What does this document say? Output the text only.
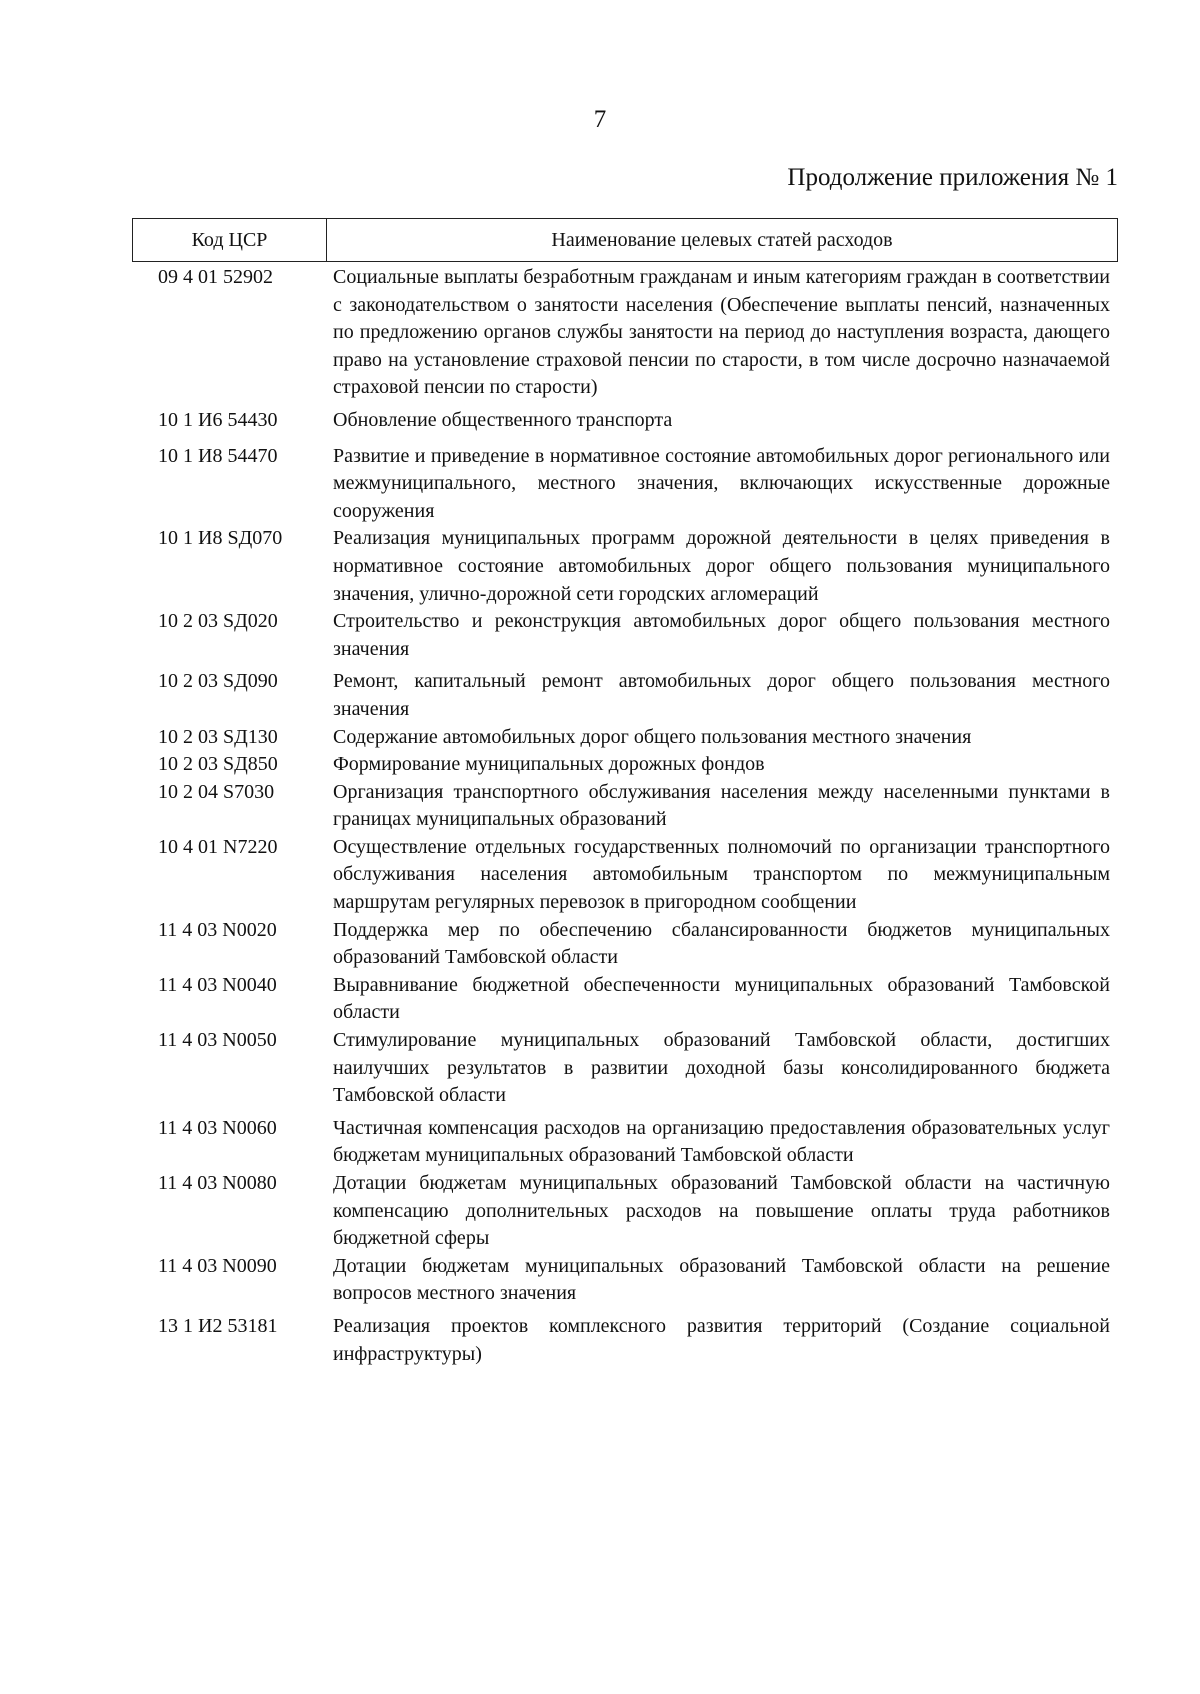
7
Продолжение приложения № 1
Код ЦСР	Наименование целевых статей расходов
09 4 01 52902	Социальные выплаты безработным гражданам и иным категориям граждан в соответствии с законодательством о занятости населения (Обеспечение выплаты пенсий, назначенных по предложению органов службы занятости на период до наступления возраста, дающего право на установление страховой пенсии по старости, в том числе досрочно назначаемой страховой пенсии по старости)
10 1 И6 54430	Обновление общественного транспорта
10 1 И8 54470	Развитие и приведение в нормативное состояние автомобильных дорог регионального или межмуниципального, местного значения, включающих искусственные дорожные сооружения
10 1 И8 SД070	Реализация муниципальных программ дорожной деятельности в целях приведения в нормативное состояние автомобильных дорог общего пользования муниципального значения, улично-дорожной сети городских агломераций
10 2 03 SД020	Строительство и реконструкция автомобильных дорог общего пользования местного значения
10 2 03 SД090	Ремонт, капитальный ремонт автомобильных дорог общего пользования местного значения
10 2 03 SД130	Содержание автомобильных дорог общего пользования местного значения
10 2 03 SД850	Формирование муниципальных дорожных фондов
10 2 04 S7030	Организация транспортного обслуживания населения между населенными пунктами в границах муниципальных образований
10 4 01 N7220	Осуществление отдельных государственных полномочий по организации транспортного обслуживания населения автомобильным транспортом по межмуниципальным маршрутам регулярных перевозок в пригородном сообщении
11 4 03 N0020	Поддержка мер по обеспечению сбалансированности бюджетов муниципальных образований Тамбовской области
11 4 03 N0040	Выравнивание бюджетной обеспеченности муниципальных образований Тамбовской области
11 4 03 N0050	Стимулирование муниципальных образований Тамбовской области, достигших наилучших результатов в развитии доходной базы консолидированного бюджета Тамбовской области
11 4 03 N0060	Частичная компенсация расходов на организацию предоставления образовательных услуг бюджетам муниципальных образований Тамбовской области
11 4 03 N0080	Дотации бюджетам муниципальных образований Тамбовской области на частичную компенсацию дополнительных расходов на повышение оплаты труда работников бюджетной сферы
11 4 03 N0090	Дотации бюджетам муниципальных образований Тамбовской области на решение вопросов местного значения
13 1 И2 53181	Реализация проектов комплексного развития территорий (Создание социальной инфраструктуры)
